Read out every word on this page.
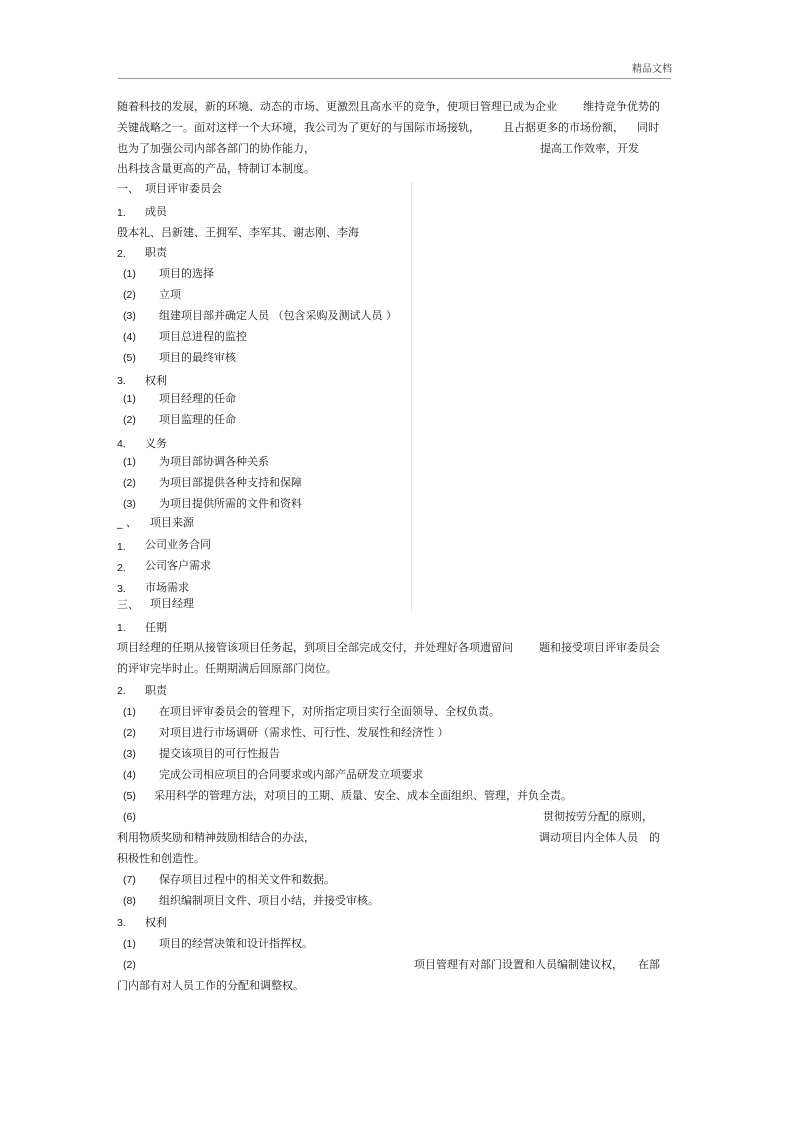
精品文档
随着科技的发展，新的环境、动态的市场、更激烈且高水平的竞争，使项目管理已成为企业 维持竞争优势的
关键战略之一。面对这样一个大环境，我公司为了更好的与国际市场接轨， 且占据更多的市场份额， 同时
也为了加强公司内部各部门的协作能力，	提高工作效率，开发
出科技含量更高的产品，特制订本制度。
一、 项目评审委员会
1. 成员
殷本礼、吕新建、王拥军、李军其、谢志刚、李海
2. 职责
(1) 项目的选择
(2) 立项
(3) 组建项目部并确定人员 （包含采购及测试人员 ）
(4) 项目总进程的监控
(5) 项目的最终审核
3. 权利
(1) 项目经理的任命
(2) 项目监理的任命
4. 义务
(1) 为项目部协调各种关系
(2) 为项目部提供各种支持和保障
(3) 为项目提供所需的文件和资料
_ 、 项目来源
1. 公司业务合同
2. 公司客户需求
3. 市场需求
三、 项目经理
1. 任期
项目经理的任期从接管该项目任务起，到项目全部完成交付，并处理好各项遗留问 题和接受项目评审委员会
的评审完毕时止。任期期满后回原部门岗位。
2. 职责
(1) 在项目评审委员会的管理下，对所指定项目实行全面领导、全权负责。
(2) 对项目进行市场调研（需求性、可行性、发展性和经济性 ）
(3) 提交该项目的可行性报告
(4) 完成公司相应项目的合同要求或内部产品研发立项要求
(5) 采用科学的管理方法，对项目的工期、质量、安全、成本全面组织、管理，并负全责。
(6)	贯彻按劳分配的原则，
利用物质奖励和精神鼓励相结合的办法，	调动项目内全体人员 的
积极性和创造性。
(7) 保存项目过程中的相关文件和数据。
(8) 组织编制项目文件、项目小结，并接受审核。
3. 权利
(1) 项目的经营决策和设计指挥权。
(2)	项目管理有对部门设置和人员编制建议权， 在部
门内部有对人员工作的分配和调整权。
